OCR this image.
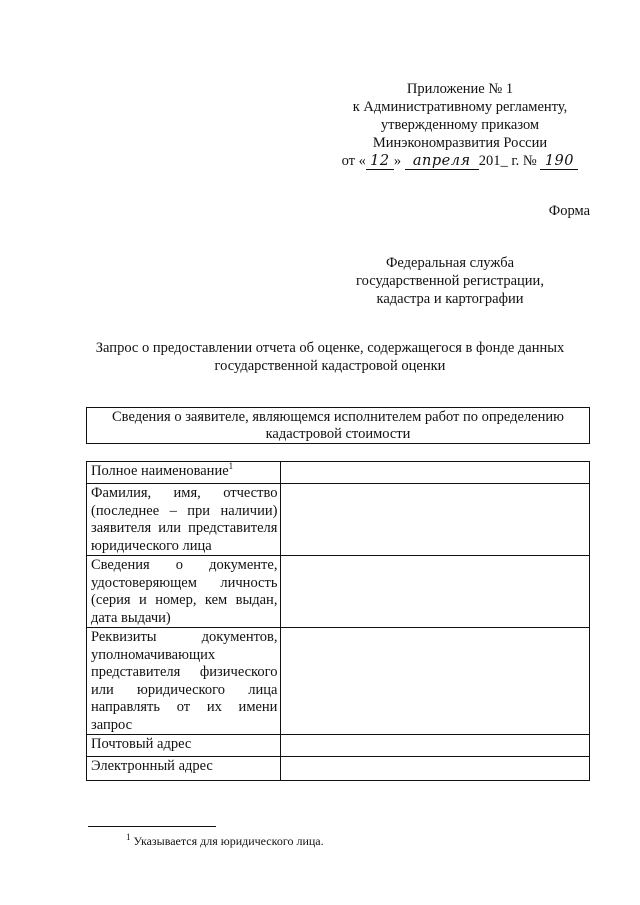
Приложение № 1
к Административному регламенту,
утвержденному приказом
Минэкономразвития России
от « 12 » апреля 201_ г. № 190
Форма
Федеральная служба
государственной регистрации,
кадастра и картографии
Запрос о предоставлении отчета об оценке, содержащегося в фонде данных
государственной кадастровой оценки
Сведения о заявителе, являющемся исполнителем работ по определению
кадастровой стоимости
Полное наименование$^1$	
Фамилия, имя, отчество (последнее – при наличии) заявителя или представителя юридического лица	
Сведения о документе, удостоверяющем личность (серия и номер, кем выдан, дата выдачи)	
Реквизиты документов, уполномачивающих представителя физического или юридического лица направлять от их имени запрос	
Почтовый адрес	
Электронный адрес	
$^1$ Указывается для юридического лица.
